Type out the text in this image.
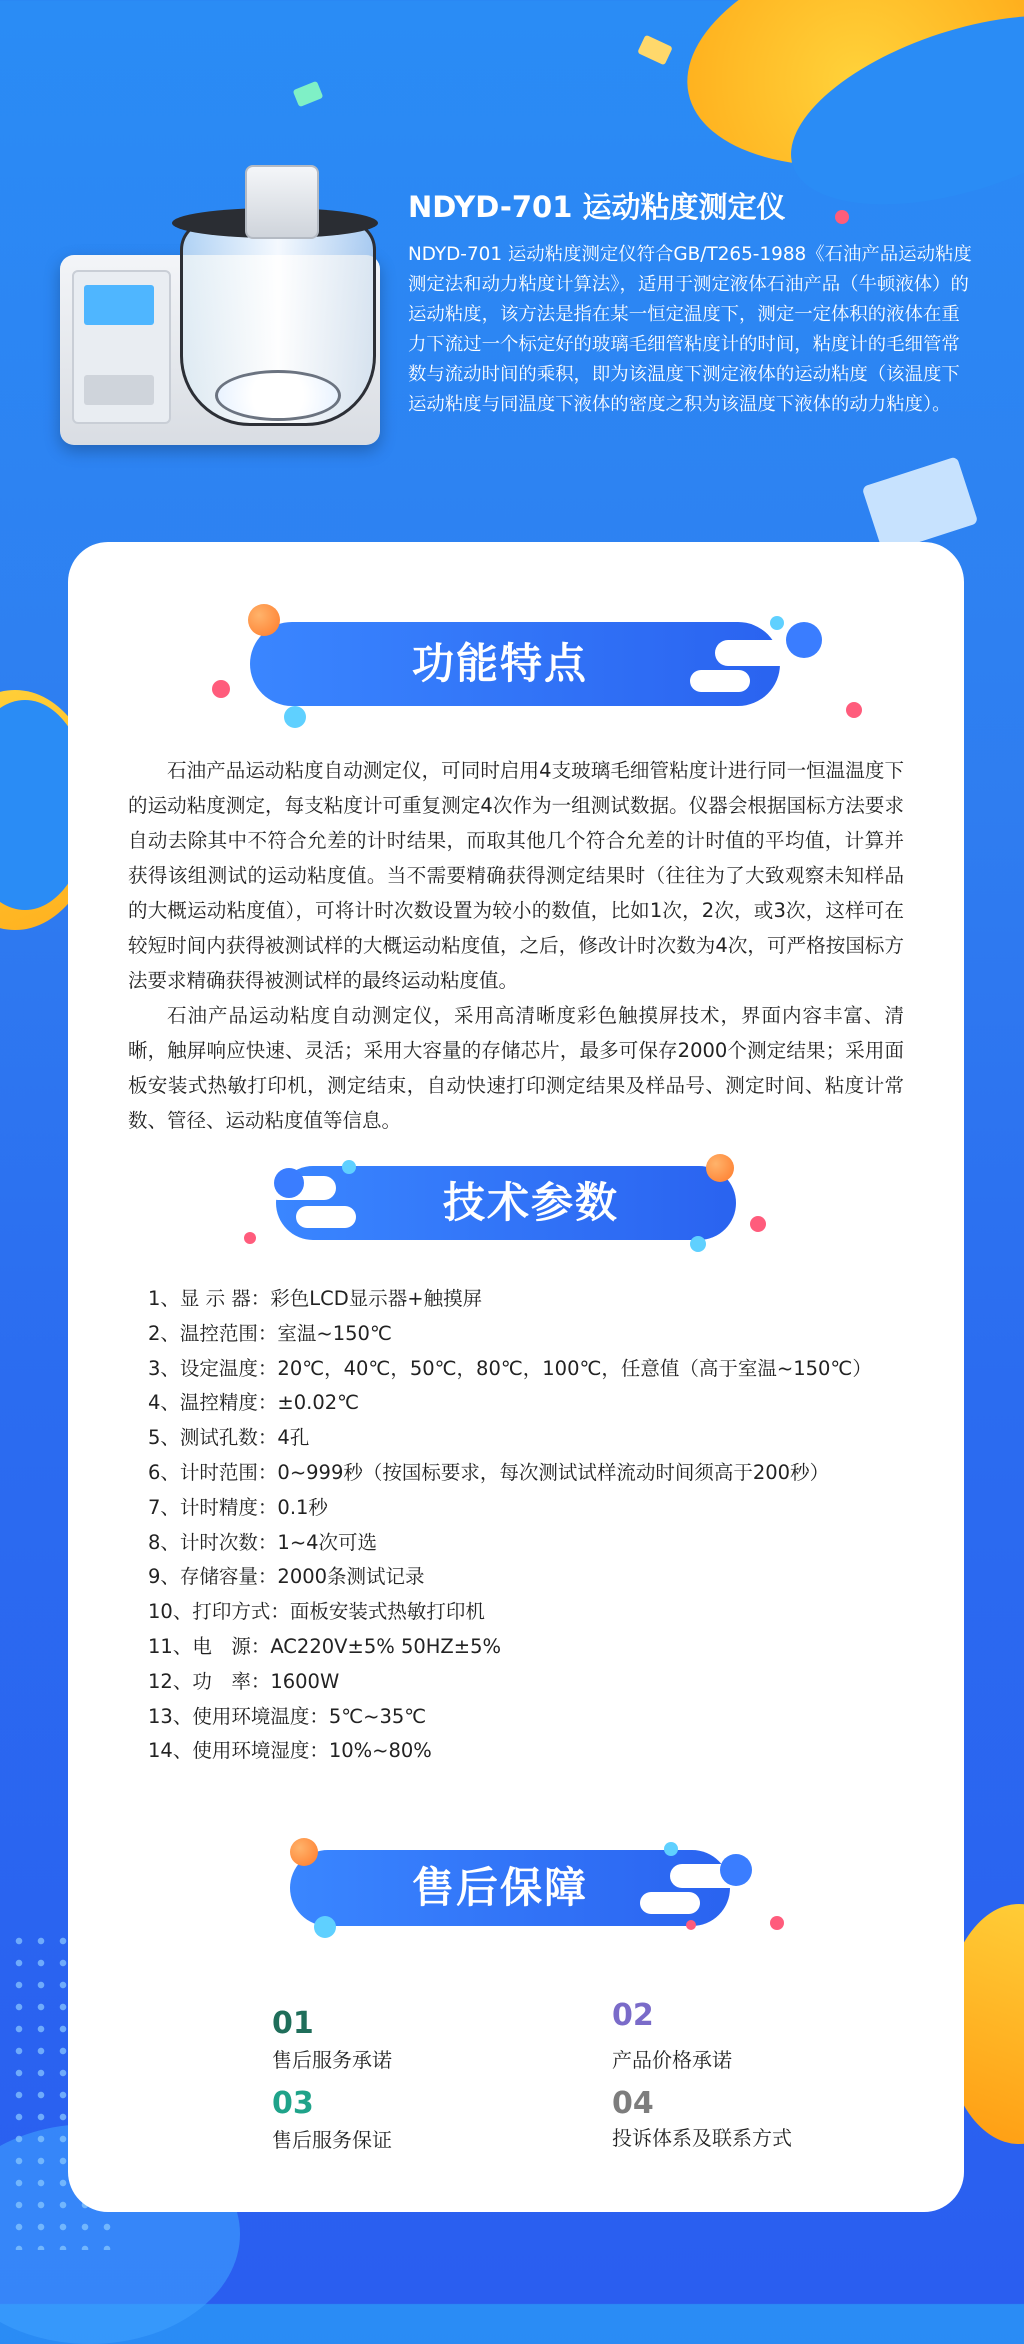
NDYD-701 运动粘度测定仪

NDYD-701 运动粘度测定仪符合GB/T265-1988《石油产品运动粘度测定法和动力粘度计算法》，适用于测定液体石油产品（牛顿液体）的运动粘度，该方法是指在某一恒定温度下，测定一定体积的液体在重力下流过一个标定好的玻璃毛细管粘度计的时间，粘度计的毛细管常数与流动时间的乘积，即为该温度下测定液体的运动粘度（该温度下运动粘度与同温度下液体的密度之积为该温度下液体的动力粘度）。

功能特点

石油产品运动粘度自动测定仪，可同时启用4支玻璃毛细管粘度计进行同一恒温温度下的运动粘度测定，每支粘度计可重复测定4次作为一组测试数据。仪器会根据国标方法要求自动去除其中不符合允差的计时结果，而取其他几个符合允差的计时值的平均值，计算并获得该组测试的运动粘度值。当不需要精确获得测定结果时（往往为了大致观察未知样品的大概运动粘度值），可将计时次数设置为较小的数值，比如1次，2次，或3次，这样可在较短时间内获得被测试样的大概运动粘度值，之后，修改计时次数为4次，可严格按国标方法要求精确获得被测试样的最终运动粘度值。

石油产品运动粘度自动测定仪，采用高清晰度彩色触摸屏技术，界面内容丰富、清晰，触屏响应快速、灵活；采用大容量的存储芯片，最多可保存2000个测定结果；采用面板安装式热敏打印机，测定结束，自动快速打印测定结果及样品号、测定时间、粘度计常数、管径、运动粘度值等信息。

技术参数
1、显 示 器：彩色LCD显示器+触摸屏
2、温控范围：室温~150℃
3、设定温度：20℃，40℃，50℃，80℃，100℃，任意值（高于室温~150℃）
4、温控精度：±0.02℃
5、测试孔数：4孔
6、计时范围：0~999秒（按国标要求，每次测试试样流动时间须高于200秒）
7、计时精度：0.1秒
8、计时次数：1~4次可选
9、存储容量：2000条测试记录
10、打印方式：面板安装式热敏打印机
11、电　源：AC220V±5% 50HZ±5%
12、功　率：1600W
13、使用环境温度：5℃~35℃
14、使用环境湿度：10%~80%
售后保障
01
售后服务承诺
02
产品价格承诺
03
售后服务保证
04
投诉体系及联系方式
